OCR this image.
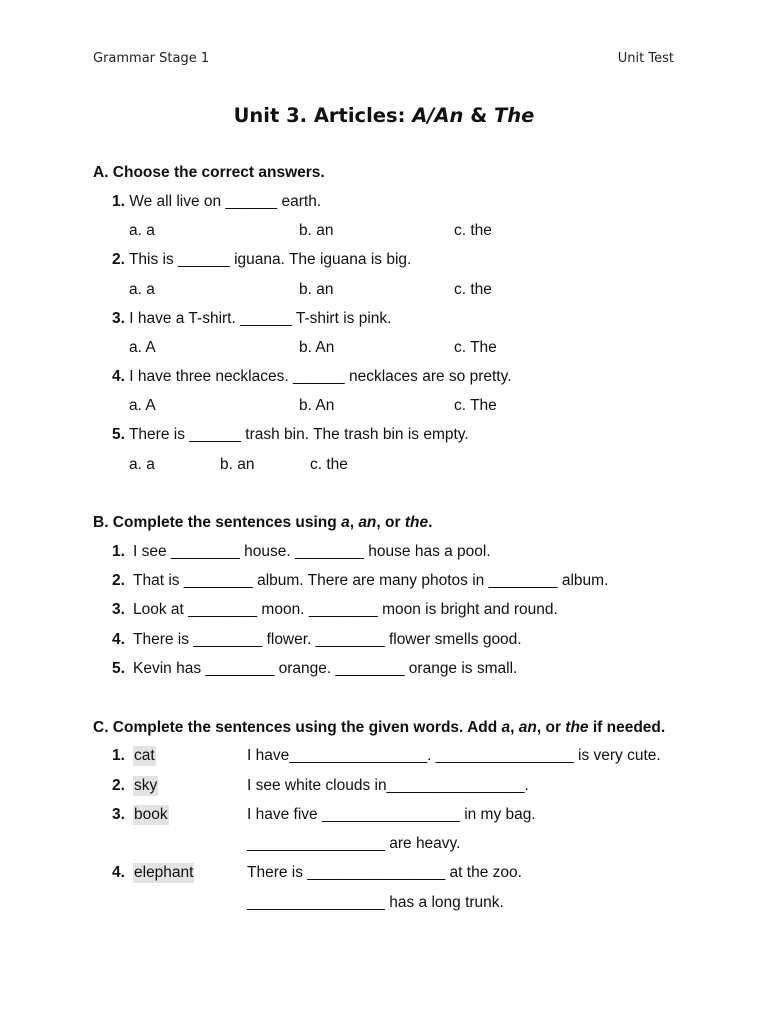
Grammar Stage 1	Unit Test
Unit 3. Articles: A/An & The
A. Choose the correct answers.
1. We all live on ______ earth.
a. a	b. an	c. the
2. This is ______ iguana. The iguana is big.
a. a	b. an	c. the
3. I have a T-shirt. ______ T-shirt is pink.
a. A	b. An	c. The
4. I have three necklaces. ______ necklaces are so pretty.
a. A	b. An	c. The
5. There is ______ trash bin. The trash bin is empty.
a. a	b. an	c. the
B. Complete the sentences using a, an, or the.
1. I see ________ house. ________ house has a pool.
2. That is ________ album. There are many photos in ________ album.
3. Look at ________ moon. ________ moon is bright and round.
4. There is ________ flower. ________ flower smells good.
5. Kevin has ________ orange. ________ orange is small.
C. Complete the sentences using the given words. Add a, an, or the if needed.
1. cat	I have________________. ________________ is very cute.
2. sky	I see white clouds in________________.
3. book	I have five ________________ in my bag.
________________ are heavy.
4. elephant	There is ________________ at the zoo.
________________ has a long trunk.
